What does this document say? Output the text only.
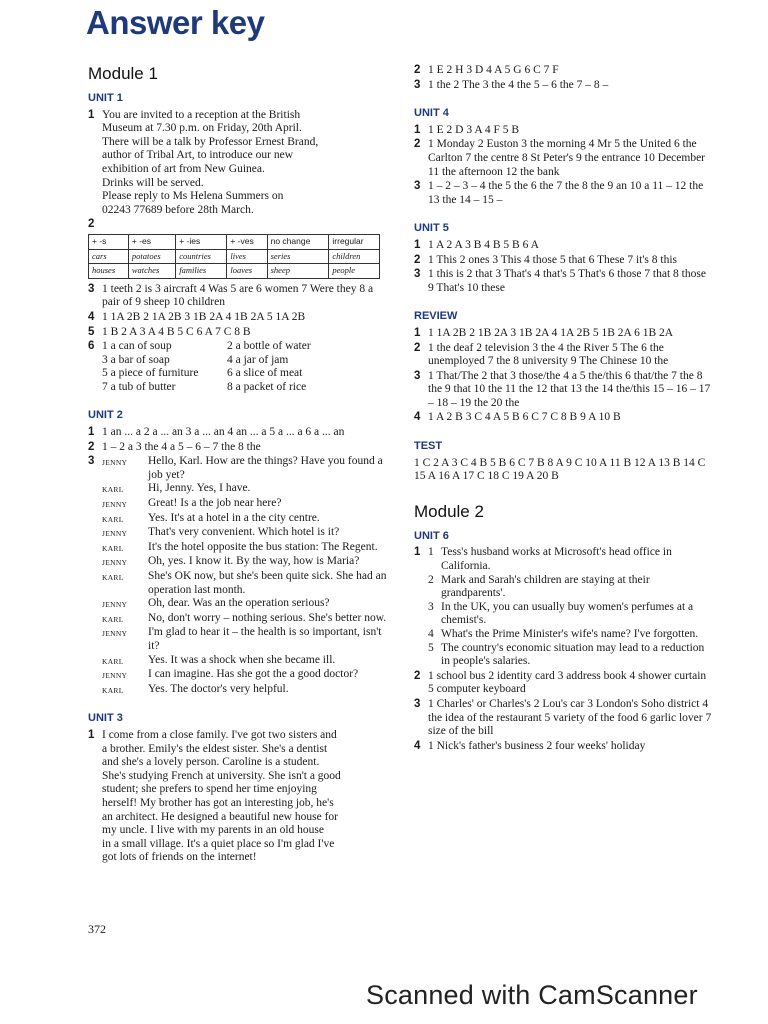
Answer key
Module 1
UNIT 1
1 You are invited to a reception at the British
Museum at 7.30 p.m. on Friday, 20th April.
There will be a talk by Professor Ernest Brand,
author of Tribal Art, to introduce our new
exhibition of art from New Guinea.
Drinks will be served.
Please reply to Ms Helena Summers on
02243 77689 before 28th March.
2
+ -s	+ -es	+ -ies	+ -ves	no change	irregular
cars	potatoes	countries	lives	series	children
houses	watches	families	loaves	sheep	people
3 1 teeth 2 is 3 aircraft 4 Was 5 are 6 women 7 Were they 8 a pair of 9 sheep 10 children
4 1 1A 2B 2 1A 2B 3 1B 2A 4 1B 2A 5 1A 2B
5 1 B 2 A 3 A 4 B 5 C 6 A 7 C 8 B
6 1 a can of soup	2 a bottle of water
3 a bar of soap	4 a jar of jam
5 a piece of furniture	6 a slice of meat
7 a tub of butter	8 a packet of rice
UNIT 2
1 1 an ... a 2 a ... an 3 a ... an 4 an ... a 5 a ... a 6 a ... an
2 1 – 2 a 3 the 4 a 5 – 6 – 7 the 8 the
3 JENNY	Hello, Karl. How are the things? Have you found a job yet?
KARL	Hi, Jenny. Yes, I have.
JENNY	Great! Is a the job near here?
KARL	Yes. It's at a hotel in a the city centre.
JENNY	That's very convenient. Which hotel is it?
KARL	It's the hotel opposite the bus station: The Regent.
JENNY	Oh, yes. I know it. By the way, how is Maria?
KARL	She's OK now, but she's been quite sick. She had an operation last month.
JENNY	Oh, dear. Was an the operation serious?
KARL	No, don't worry – nothing serious. She's better now.
JENNY	I'm glad to hear it – the health is so important, isn't it?
KARL	Yes. It was a shock when she became ill.
JENNY	I can imagine. Has she got the a good doctor?
KARL	Yes. The doctor's very helpful.
UNIT 3
1 I come from a close family. I've got two sisters and
a brother. Emily's the eldest sister. She's a dentist
and she's a lovely person. Caroline is a student.
She's studying French at university. She isn't a good
student; she prefers to spend her time enjoying
herself! My brother has got an interesting job, he's
an architect. He designed a beautiful new house for
my uncle. I live with my parents in an old house
in a small village. It's a quiet place so I'm glad I've
got lots of friends on the internet!
2 1 E 2 H 3 D 4 A 5 G 6 C 7 F
3 1 the 2 The 3 the 4 the 5 – 6 the 7 – 8 –
UNIT 4
1 1 E 2 D 3 A 4 F 5 B
2 1 Monday 2 Euston 3 the morning 4 Mr 5 the United 6 the Carlton 7 the centre 8 St Peter's 9 the entrance 10 December 11 the afternoon 12 the bank
3 1 – 2 – 3 – 4 the 5 the 6 the 7 the 8 the 9 an 10 a 11 – 12 the 13 the 14 – 15 –
UNIT 5
1 1 A 2 A 3 B 4 B 5 B 6 A
2 1 This 2 ones 3 This 4 those 5 that 6 These 7 it's 8 this
3 1 this is 2 that 3 That's 4 that's 5 That's 6 those 7 that 8 those 9 That's 10 these
REVIEW
1 1 1A 2B 2 1B 2A 3 1B 2A 4 1A 2B 5 1B 2A 6 1B 2A
2 1 the deaf 2 television 3 the 4 the River 5 The 6 the unemployed 7 the 8 university 9 The Chinese 10 the
3 1 That/The 2 that 3 those/the 4 a 5 the/this 6 that/the 7 the 8 the 9 that 10 the 11 the 12 that 13 the 14 the/this 15 – 16 – 17 – 18 – 19 the 20 the
4 1 A 2 B 3 C 4 A 5 B 6 C 7 C 8 B 9 A 10 B
TEST
1 C 2 A 3 C 4 B 5 B 6 C 7 B 8 A 9 C 10 A 11 B 12 A 13 B 14 C 15 A 16 A 17 C 18 C 19 A 20 B
Module 2
UNIT 6
1 1 Tess's husband works at Microsoft's head office in California.
2 Mark and Sarah's children are staying at their grandparents'.
3 In the UK, you can usually buy women's perfumes at a chemist's.
4 What's the Prime Minister's wife's name? I've forgotten.
5 The country's economic situation may lead to a reduction in people's salaries.
2 1 school bus 2 identity card 3 address book 4 shower curtain 5 computer keyboard
3 1 Charles' or Charles's 2 Lou's car 3 London's Soho district 4 the idea of the restaurant 5 variety of the food 6 garlic lover 7 size of the bill
4 1 Nick's father's business 2 four weeks' holiday
372
Scanned with CamScanner
